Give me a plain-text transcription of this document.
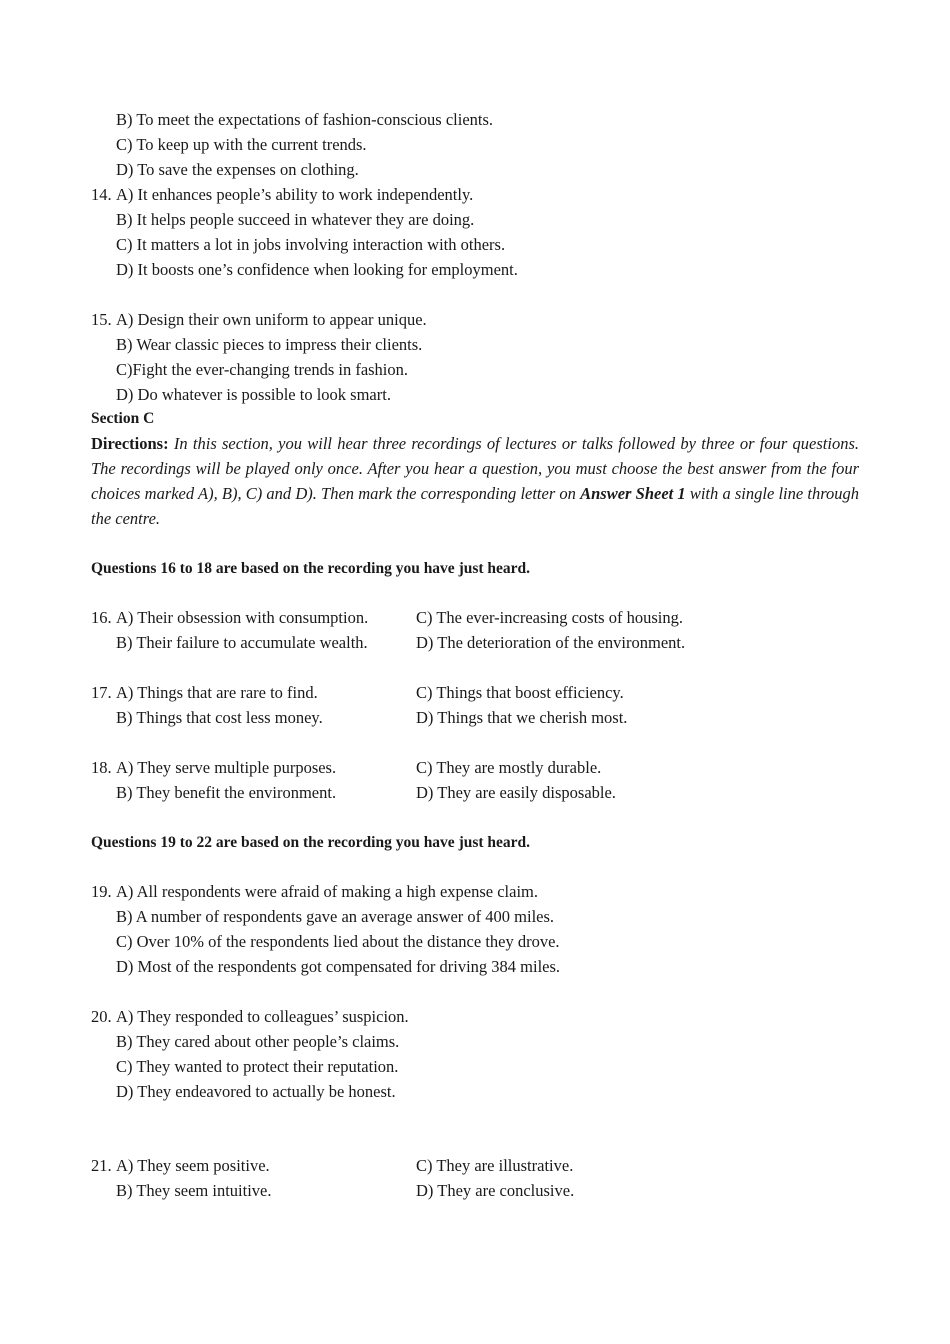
B) To meet the expectations of fashion-conscious clients.
C) To keep up with the current trends.
D) To save the expenses on clothing.
14. A) It enhances people’s ability to work independently.
B) It helps people succeed in whatever they are doing.
C) It matters a lot in jobs involving interaction with others.
D) It boosts one’s confidence when looking for employment.
15. A) Design their own uniform to appear unique.
B) Wear classic pieces to impress their clients.
C)Fight the ever-changing trends in fashion.
D) Do whatever is possible to look smart.
Section C
Directions: In this section, you will hear three recordings of lectures or talks followed by three or four questions. The recordings will be played only once. After you hear a question, you must choose the best answer from the four choices marked A), B), C) and D). Then mark the corresponding letter on Answer Sheet 1 with a single line through the centre.
Questions 16 to 18 are based on the recording you have just heard.
16. A) Their obsession with consumption.
B) Their failure to accumulate wealth.
C) The ever-increasing costs of housing.
D) The deterioration of the environment.
17. A) Things that are rare to find.
B) Things that cost less money.
C) Things that boost efficiency.
D) Things that we cherish most.
18. A) They serve multiple purposes.
B) They benefit the environment.
C) They are mostly durable.
D) They are easily disposable.
Questions 19 to 22 are based on the recording you have just heard.
19. A) All respondents were afraid of making a high expense claim.
B) A number of respondents gave an average answer of 400 miles.
C) Over 10% of the respondents lied about the distance they drove.
D) Most of the respondents got compensated for driving 384 miles.
20. A) They responded to colleagues’ suspicion.
B) They cared about other people’s claims.
C) They wanted to protect their reputation.
D) They endeavored to actually be honest.
21. A) They seem positive.
B) They seem intuitive.
C) They are illustrative.
D) They are conclusive.
